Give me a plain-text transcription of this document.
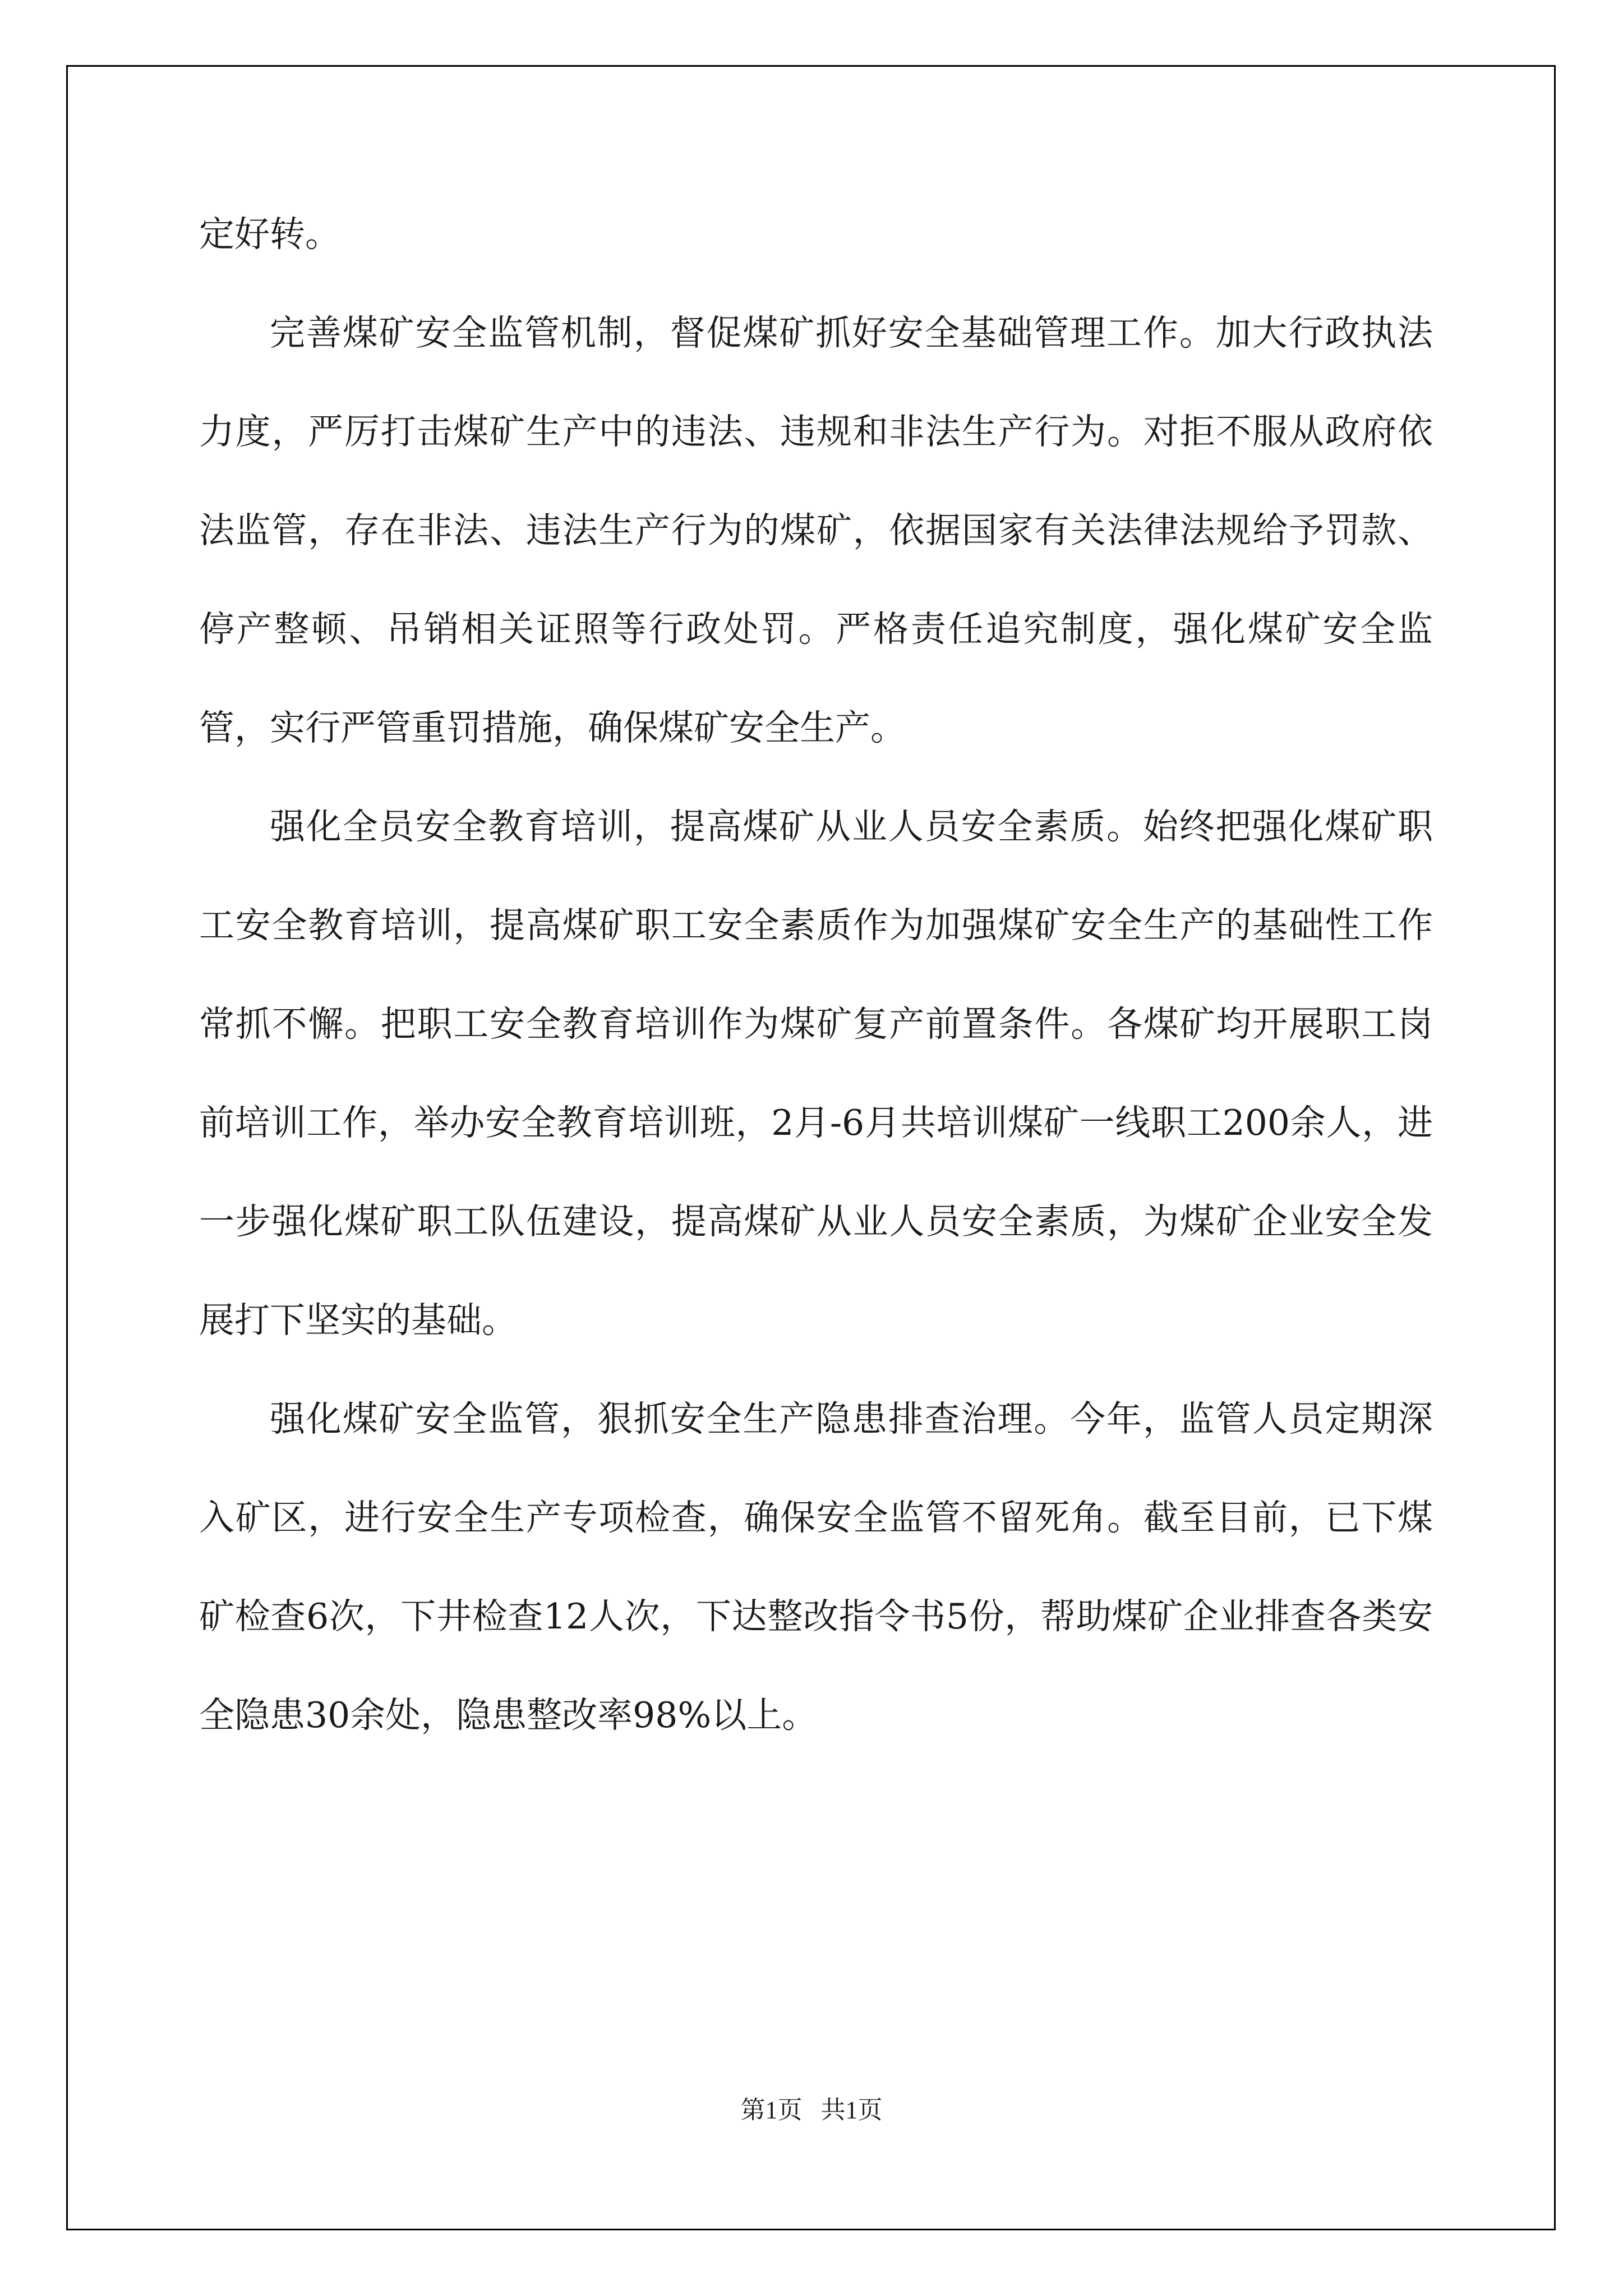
定好转。

完善煤矿安全监管机制，督促煤矿抓好安全基础管理工作。加大行政执法力度，严厉打击煤矿生产中的违法、违规和非法生产行为。对拒不服从政府依法监管，存在非法、违法生产行为的煤矿，依据国家有关法律法规给予罚款、停产整顿、吊销相关证照等行政处罚。严格责任追究制度，强化煤矿安全监管，实行严管重罚措施，确保煤矿安全生产。

强化全员安全教育培训，提高煤矿从业人员安全素质。始终把强化煤矿职工安全教育培训，提高煤矿职工安全素质作为加强煤矿安全生产的基础性工作常抓不懈。把职工安全教育培训作为煤矿复产前置条件。各煤矿均开展职工岗前培训工作，举办安全教育培训班，2月-6月共培训煤矿一线职工200余人，进一步强化煤矿职工队伍建设，提高煤矿从业人员安全素质，为煤矿企业安全发展打下坚实的基础。

强化煤矿安全监管，狠抓安全生产隐患排查治理。今年，监管人员定期深入矿区，进行安全生产专项检查，确保安全监管不留死角。截至目前，已下煤矿检查6次，下井检查12人次，下达整改指令书5份，帮助煤矿企业排查各类安全隐患30余处，隐患整改率98%以上。

第1页   共1页
